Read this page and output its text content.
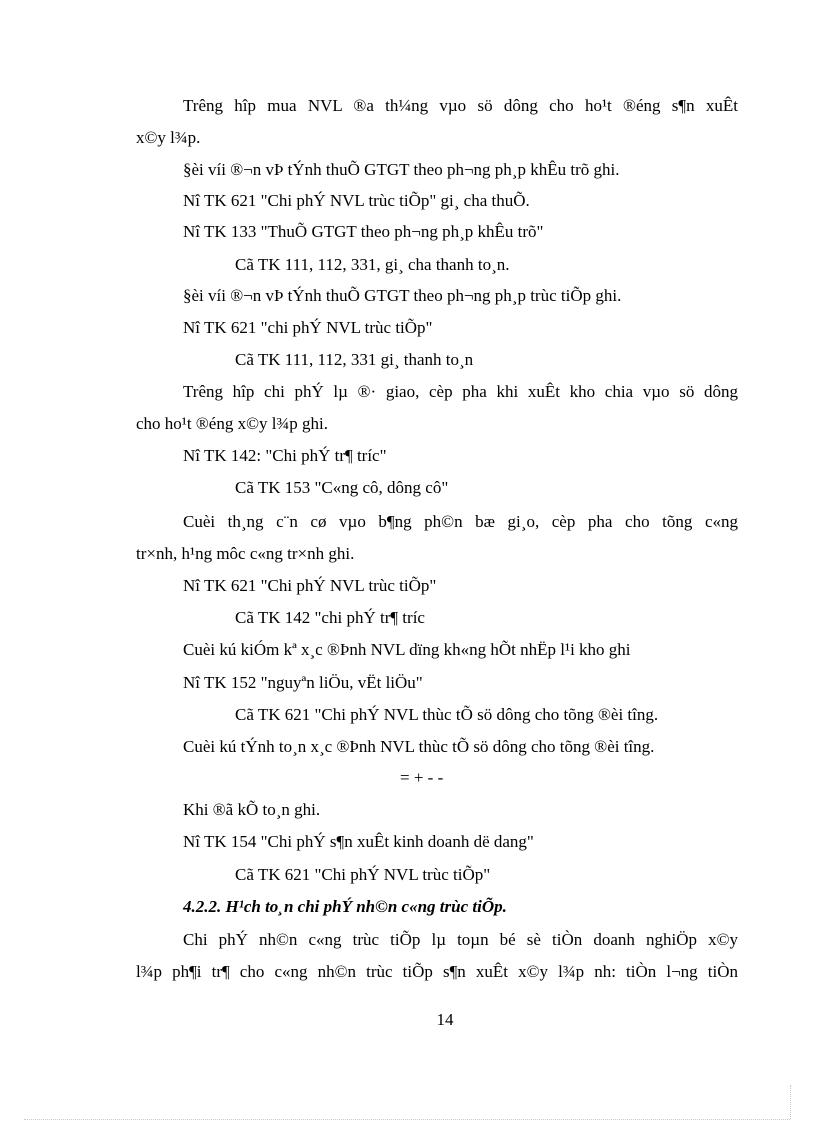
Trêng hîp mua NVL ®a th¼ng vµo sö dông cho ho¹t ®éng s¶n xuÊt
x©y l¾p.
§èi víi ®¬n vÞ tÝnh thuÕ GTGT theo ph¬ng ph¸p khÊu trõ ghi.
Nî TK 621 "Chi phÝ NVL trùc tiÕp" gi¸ cha thuÕ.
Nî TK 133 "ThuÕ GTGT theo ph¬ng ph¸p khÊu trõ"
Cã TK 111, 112, 331, gi¸ cha thanh to¸n.
§èi víi ®¬n vÞ tÝnh thuÕ GTGT theo ph¬ng ph¸p trùc tiÕp ghi.
Nî TK 621 "chi phÝ NVL trùc tiÕp"
Cã TK 111, 112, 331 gi¸ thanh to¸n
Trêng hîp chi phÝ lµ ®· giao, cèp pha khi xuÊt kho chia vµo sö dông
cho ho¹t ®éng x©y l¾p ghi.
Nî TK 142: "Chi phÝ tr¶ tríc"
Cã TK 153 "C«ng cô, dông cô"
Cuèi th¸ng c¨n cø vµo b¶ng ph©n bæ gi¸o, cèp pha cho tõng c«ng
tr×nh, h¹ng môc c«ng tr×nh ghi.
Nî TK 621 "Chi phÝ NVL trùc tiÕp"
Cã TK 142 "chi phÝ tr¶ tríc
Cuèi kú kiÓm kª x¸c ®Þnh NVL dïng kh«ng hÕt nhËp l¹i kho ghi
Nî TK 152 "nguyªn liÖu, vËt liÖu"
Cã TK 621 "Chi phÝ NVL thùc tÕ sö dông cho tõng ®èi tîng.
Cuèi kú tÝnh to¸n x¸c ®Þnh NVL thùc tÕ sö dông cho tõng ®èi tîng.
= + - -
Khi ®ã kÕ to¸n ghi.
Nî TK 154 "Chi phÝ s¶n xuÊt kinh doanh dë dang"
Cã TK 621 "Chi phÝ NVL trùc tiÕp"
4.2.2. H¹ch to¸n chi phÝ nh©n c«ng trùc tiÕp.
Chi phÝ nh©n c«ng trùc tiÕp lµ toµn bé sè tiÒn doanh nghiÖp x©y
l¾p ph¶i tr¶ cho c«ng nh©n trùc tiÕp s¶n xuÊt x©y l¾p nh: tiÒn l¬ng tiÒn
14
